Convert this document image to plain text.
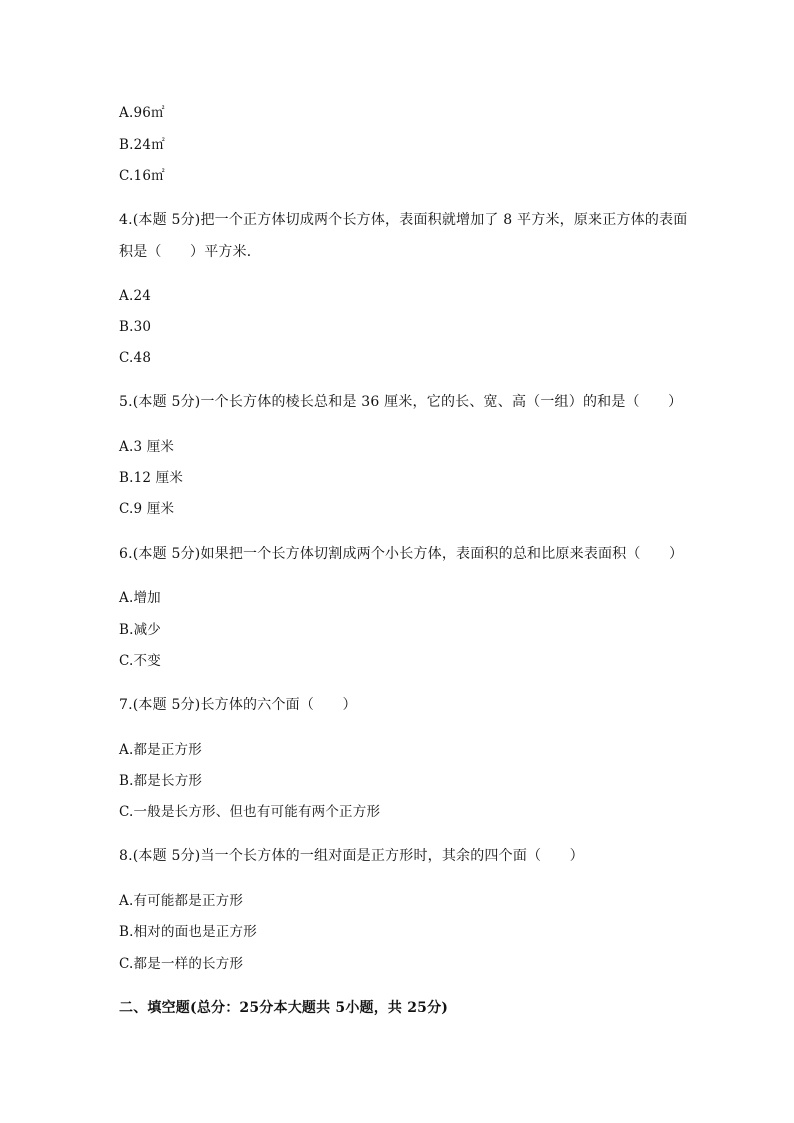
A.96㎡
B.24㎡
C.16㎡
4.(本题 5分)把一个正方体切成两个长方体，表面积就增加了 8 平方米，原来正方体的表面
积是（　　）平方米．
A.24
B.30
C.48
5.(本题 5分)一个长方体的棱长总和是 36 厘米，它的长、宽、高（一组）的和是（　　）
A.3 厘米
B.12 厘米
C.9 厘米
6.(本题 5分)如果把一个长方体切割成两个小长方体，表面积的总和比原来表面积（　　）
A.增加
B.减少
C.不变
7.(本题 5分)长方体的六个面（　　）
A.都是正方形
B.都是长方形
C.一般是长方形、但也有可能有两个正方形
8.(本题 5分)当一个长方体的一组对面是正方形时，其余的四个面（　　）
A.有可能都是正方形
B.相对的面也是正方形
C.都是一样的长方形
二、填空题(总分：25分本大题共 5小题，共 25分)
